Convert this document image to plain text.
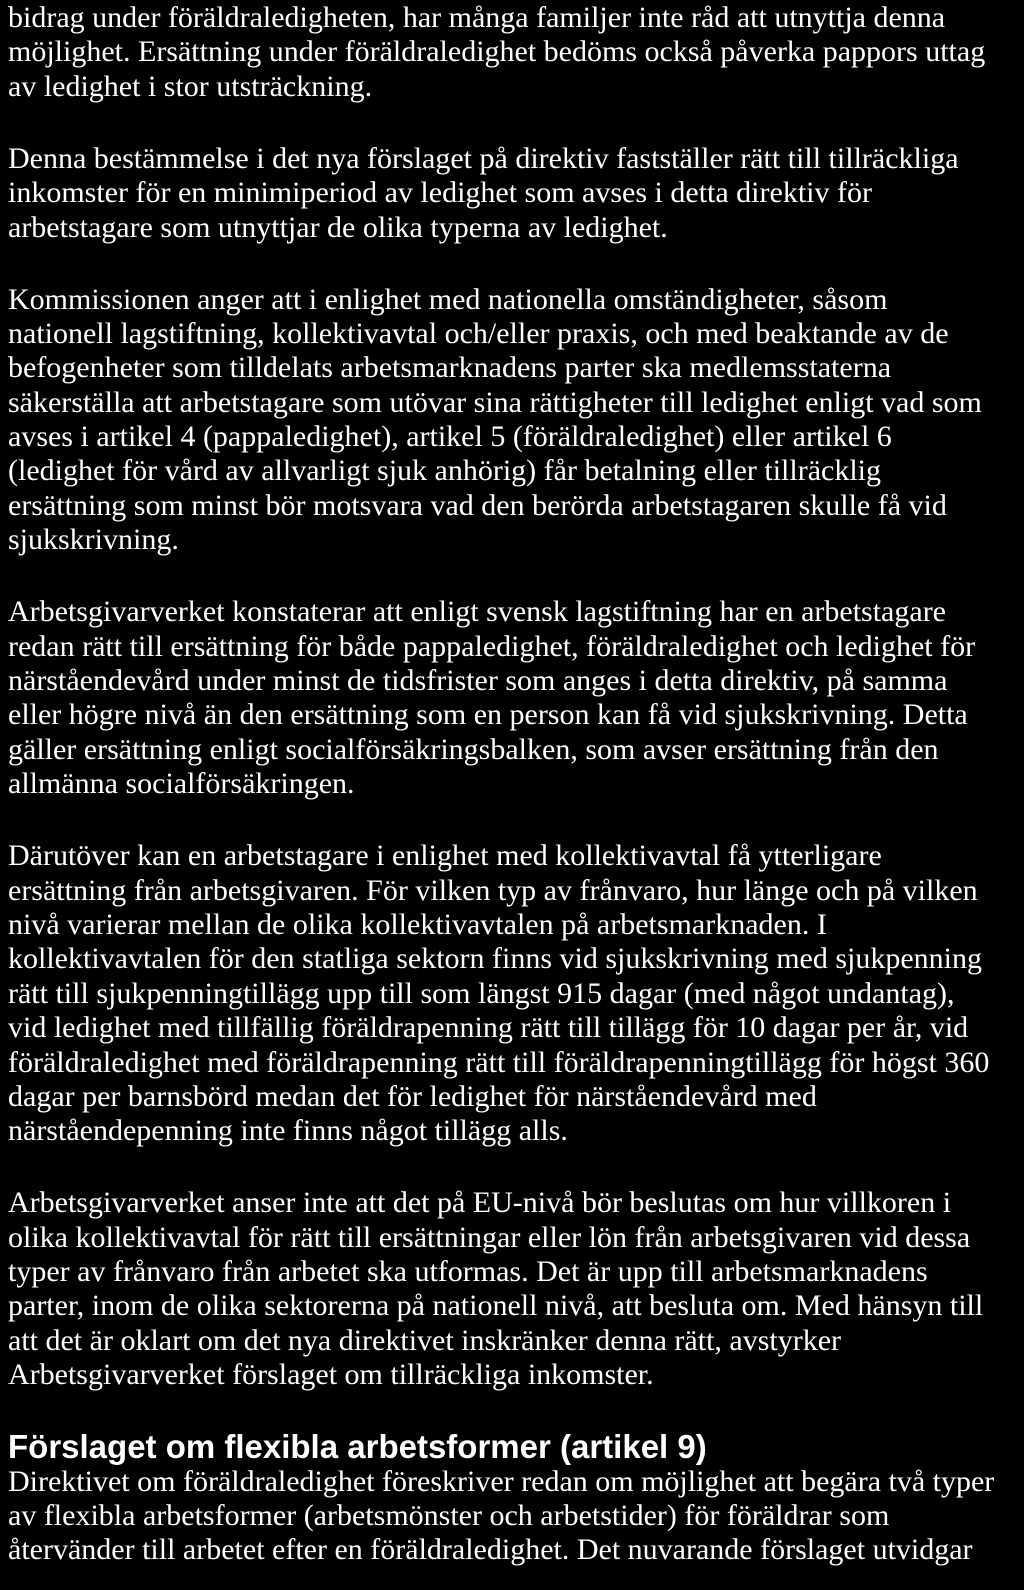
bidrag under föräldraledigheten, har många familjer inte råd att utnyttja denna
möjlighet. Ersättning under föräldraledighet bedöms också påverka pappors uttag
av ledighet i stor utsträckning.
Denna bestämmelse i det nya förslaget på direktiv fastställer rätt till tillräckliga
inkomster för en minimiperiod av ledighet som avses i detta direktiv för
arbetstagare som utnyttjar de olika typerna av ledighet.
Kommissionen anger att i enlighet med nationella omständigheter, såsom
nationell lagstiftning, kollektivavtal och/eller praxis, och med beaktande av de
befogenheter som tilldelats arbetsmarknadens parter ska medlemsstaterna
säkerställa att arbetstagare som utövar sina rättigheter till ledighet enligt vad som
avses i artikel 4 (pappaledighet), artikel 5 (föräldraledighet) eller artikel 6
(ledighet för vård av allvarligt sjuk anhörig) får betalning eller tillräcklig
ersättning som minst bör motsvara vad den berörda arbetstagaren skulle få vid
sjukskrivning.
Arbetsgivarverket konstaterar att enligt svensk lagstiftning har en arbetstagare
redan rätt till ersättning för både pappaledighet, föräldraledighet och ledighet för
närståendevård under minst de tidsfrister som anges i detta direktiv, på samma
eller högre nivå än den ersättning som en person kan få vid sjukskrivning. Detta
gäller ersättning enligt socialförsäkringsbalken, som avser ersättning från den
allmänna socialförsäkringen.
Därutöver kan en arbetstagare i enlighet med kollektivavtal få ytterligare
ersättning från arbetsgivaren. För vilken typ av frånvaro, hur länge och på vilken
nivå varierar mellan de olika kollektivavtalen på arbetsmarknaden. I
kollektivavtalen för den statliga sektorn finns vid sjukskrivning med sjukpenning
rätt till sjukpenningtillägg upp till som längst 915 dagar (med något undantag),
vid ledighet med tillfällig föräldrapenning rätt till tillägg för 10 dagar per år, vid
föräldraledighet med föräldrapenning rätt till föräldrapenningtillägg för högst 360
dagar per barnsbörd medan det för ledighet för närståendevård med
närståendepenning inte finns något tillägg alls.
Arbetsgivarverket anser inte att det på EU-nivå bör beslutas om hur villkoren i
olika kollektivavtal för rätt till ersättningar eller lön från arbetsgivaren vid dessa
typer av frånvaro från arbetet ska utformas. Det är upp till arbetsmarknadens
parter, inom de olika sektorerna på nationell nivå, att besluta om. Med hänsyn till
att det är oklart om det nya direktivet inskränker denna rätt, avstyrker
Arbetsgivarverket förslaget om tillräckliga inkomster.
Förslaget om flexibla arbetsformer (artikel 9)
Direktivet om föräldraledighet föreskriver redan om möjlighet att begära två typer
av flexibla arbetsformer (arbetsmönster och arbetstider) för föräldrar som
återvänder till arbetet efter en föräldraledighet. Det nuvarande förslaget utvidgar
